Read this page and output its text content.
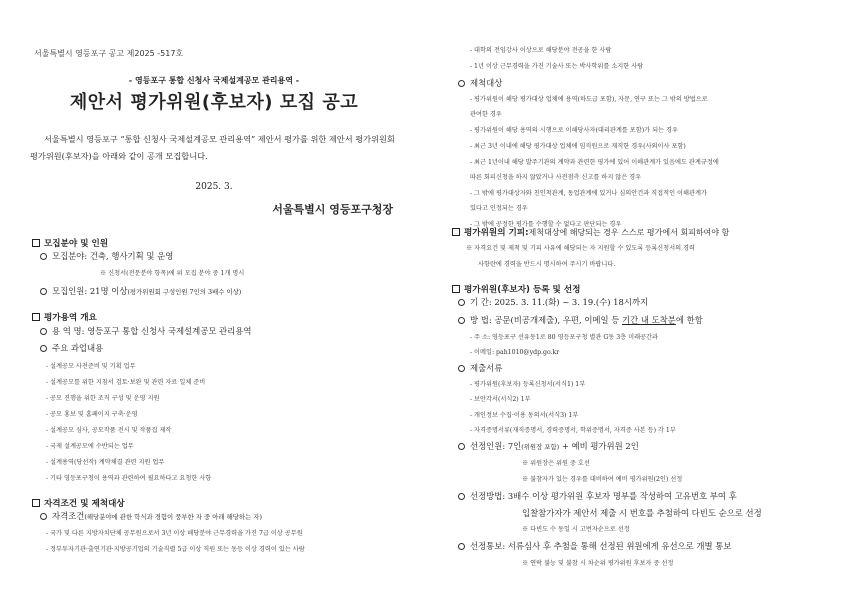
서울특별시 영등포구 공고 제2025 -517호
- 영등포구 통합 신청사 국제설계공모 관리용역 -
제안서 평가위원(후보자) 모집 공고
서울특별시 영등포구 “통합 신청사 국제설계공모 관리용역” 제안서 평가를 위한 제안서 평가위원회 평가위원(후보자)을 아래와 같이 공개 모집합니다.
2025. 3.
서울특별시 영등포구청장
모집분야 및 인원
모집분야: 건축, 행사기획 및 운영
※ 신청서(전문분야 항목)에 위 모집 분야 중 1개 명시
모집인원: 21명 이상(평가위원회 구성인원 7인의 3배수 이상)
평가용역 개요
용 역 명: 영등포구 통합 신청사 국제설계공모 관리용역
주요 과업내용
- 설계공모 사전준비 및 기획 업무
- 설계공모를 위한 지침서 검토·보완 및 관련 자료 일체 준비
- 공모 진행을 위한 조직 구성 및 운영 지원
- 공모 홍보 및 홈페이지 구축·운영
- 설계공모 심사, 공모작품 전시 및 작품집 제작
- 국제 설계공모에 수반되는 업무
- 설계용역(당선작) 계약체결 관련 지원 업무
- 기타 영등포구청이 용역과 관련하여 필요하다고 요청한 사항
자격조건 및 제척대상
자격조건(해당분야에 관한 학식과 경험이 풍부한 자 중 아래 해당하는 자)
- 국가 및 다른 지방자치단체 공무원으로서 3년 이상 해당분야 근무경력을 가진 7급 이상 공무원
- 정부투자기관·출연기관·지방공기업의 기술직렬 5급 이상 직원 또는 동등 이상 경력이 있는 사람
- 대학의 전임강사 이상으로 해당분야 전공을 한 사람
- 1년 이상 근무경력을 가진 기술사 또는 박사학위를 소지한 사람
제척대상
- 평가위원이 해당 평가대상 업체에 용역(하도급 포함), 자문, 연구 또는 그 밖의 방법으로
관여한 경우
- 평가위원이 해당 용역의 시행으로 이해당사자(대리관계를 포함)가 되는 경우
- 최근 3년 이내에 해당 평가대상 업체에 임직원으로 재직한 경우(사외이사 포함)
- 최근 1년이내 해당 발주기관의 계약과 관련한 평가에 있어 이해관계가 있음에도 관계규정에
따른 회피신청을 하지 않았거나 사전점측 신고를 하지 않은 경우
- 그 밖에 평가대상자와 친인척관계, 동업관계에 있거나 심의안건과 직접적인 이해관계가
있다고 인정되는 경우
- 그 밖에 공정한 평가를 수행할 수 없다고 판단되는 경우
평가위원의 기피: 제척대상에 해당되는 경우 스스로 평가에서 회피하여야 함
※ 자격요건 및 제척 및 기피 사유에 해당되는 자 지원할 수 있도록 등록신청서의 경력
사항란에 경력을 반드시 명시하여 주시기 바랍니다.
평가위원(후보자) 등록 및 선정
기 간: 2025. 3. 11.(화) ~ 3. 19.(수) 18시까지
방 법: 공문(비공개제출), 우편, 이메일 등 기간 내 도착분에 한함
- 주 소: 영등포구 선유동1로 80 영등포구청 별관 G동 3층 미래공간과
- 이메일: pah1010@ydp.go.kr
제출서류
- 평가위원(후보자) 등록신청서(서식1) 1부
- 보안각서(서식2) 1부
- 개인정보 수집·이용 동의서(서식3) 1부
- 자격증명서류(재직증명서, 경력증명서, 학위증명서, 자격증 사본 등) 각 1부
선정인원: 7인(위원장 포함) + 예비 평가위원 2인
※ 위원장은 위원 중 호선
※ 불참자가 있는 경우를 대비하여 예비 평가위원(2인) 선정
선정방법: 3배수 이상 평가위원 후보자 명부를 작성하여 고유번호 부여 후
입찰참가자가 제안서 제출 시 번호를 추첨하여 다빈도 순으로 선정
※ 다빈도 수 동일 시 고번자순으로 선정
선정통보: 서류심사 후 추첨을 통해 선정된 위원에게 유선으로 개별 통보
※ 연락 불능 및 불참 시 차순위 평가위원 후보자 중 선정
